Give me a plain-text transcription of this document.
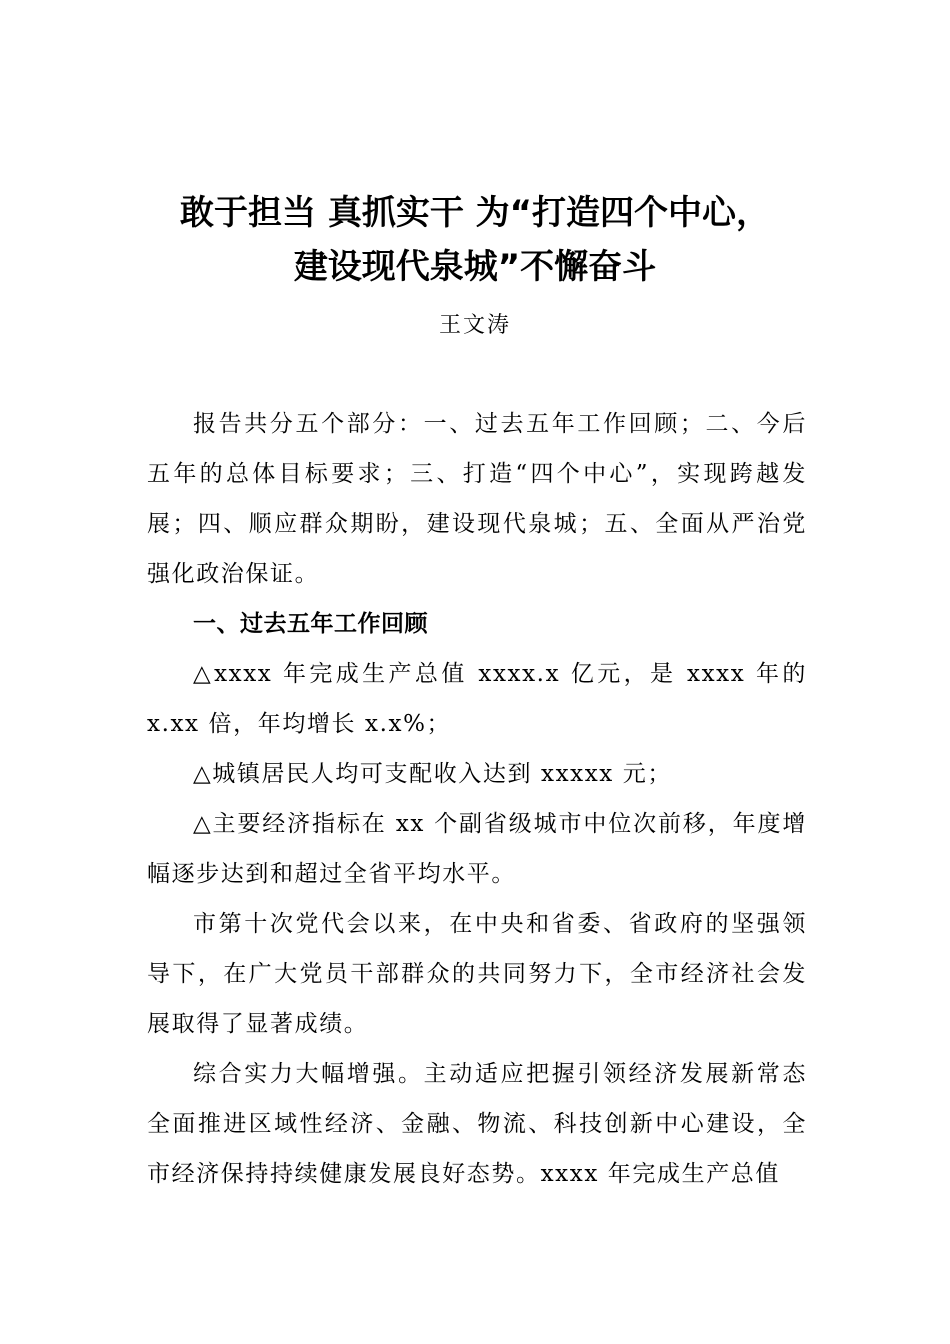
敢于担当 真抓实干 为“打造四个中心，
建设现代泉城”不懈奋斗
王文涛

报告共分五个部分：一、过去五年工作回顾；二、今后五年的总体目标要求；三、打造“四个中心”，实现跨越发展；四、顺应群众期盼，建设现代泉城；五、全面从严治党强化政治保证。

一、过去五年工作回顾

△xxxx 年完成生产总值 xxxx.x 亿元，是 xxxx 年的 x.xx 倍，年均增长 x.x%；

△城镇居民人均可支配收入达到 xxxxx 元；

△主要经济指标在 xx 个副省级城市中位次前移，年度增幅逐步达到和超过全省平均水平。

市第十次党代会以来，在中央和省委、省政府的坚强领导下，在广大党员干部群众的共同努力下，全市经济社会发展取得了显著成绩。

综合实力大幅增强。主动适应把握引领经济发展新常态全面推进区域性经济、金融、物流、科技创新中心建设，全市经济保持持续健康发展良好态势。xxxx 年完成生产总值
